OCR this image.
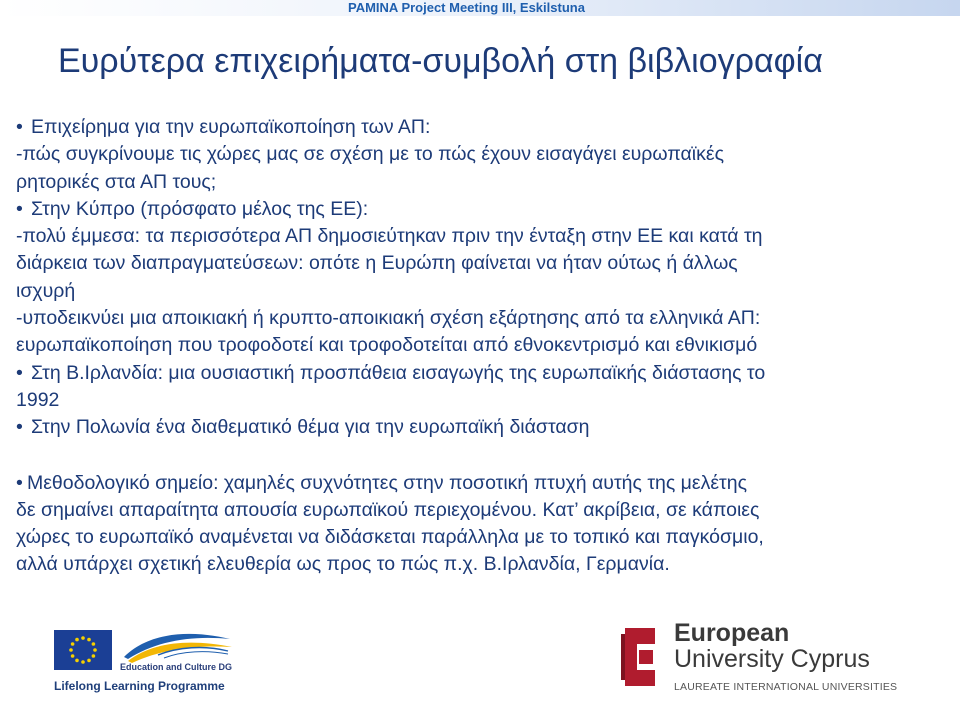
PAMINA Project Meeting III, Eskilstuna
Ευρύτερα επιχειρήματα-συμβολή στη βιβλιογραφία
• Επιχείρημα για την ευρωπαϊκοποίηση των ΑΠ:
-πώς συγκρίνουμε τις χώρες μας σε σχέση με το πώς έχουν εισαγάγει ευρωπαϊκές
ρητορικές στα ΑΠ τους;
• Στην Κύπρο (πρόσφατο μέλος της ΕΕ):
-πολύ έμμεσα: τα περισσότερα ΑΠ δημοσιεύτηκαν πριν την ένταξη στην ΕΕ και κατά τη
διάρκεια των διαπραγματεύσεων: οπότε η Ευρώπη φαίνεται να ήταν ούτως ή άλλως
ισχυρή
-υποδεικνύει μια αποικιακή ή κρυπτο-αποικιακή σχέση εξάρτησης από τα ελληνικά ΑΠ:
ευρωπαϊκοποίηση που τροφοδοτεί και τροφοδοτείται από εθνοκεντρισμό και εθνικισμό
• Στη Β.Ιρλανδία: μια ουσιαστική προσπάθεια εισαγωγής της ευρωπαϊκής διάστασης το
1992
• Στην Πολωνία ένα διαθεματικό θέμα για την ευρωπαϊκή διάσταση
• Μεθοδολογικό σημείο: χαμηλές συχνότητες στην ποσοτική πτυχή αυτής της μελέτης
δε σημαίνει απαραίτητα απουσία ευρωπαϊκού περιεχομένου. Κατ’ ακρίβεια, σε κάποιες
χώρες το ευρωπαϊκό αναμένεται να διδάσκεται παράλληλα με το τοπικό και παγκόσμιο,
αλλά υπάρχει σχετική ελευθερία ως προς το πώς π.χ. Β.Ιρλανδία, Γερμανία.
Education and Culture DG
Lifelong Learning Programme
European
University Cyprus
LAUREATE INTERNATIONAL UNIVERSITIES
